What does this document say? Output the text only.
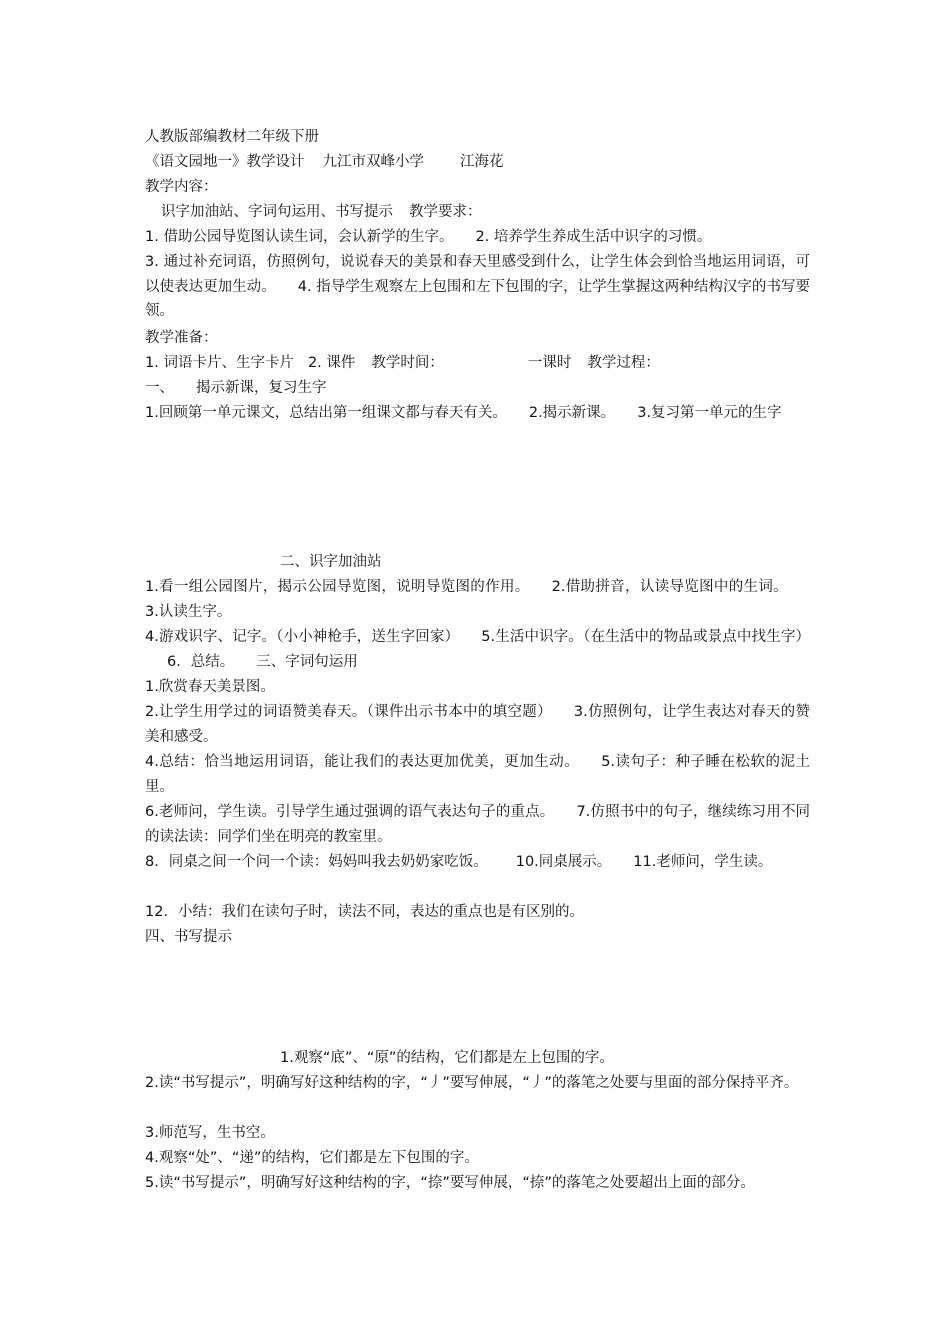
人教版部编教材二年级下册
《语文园地一》教学设计 九江市双峰小学 江海花
教学内容：
识字加油站、字词句运用、书写提示 教学要求：
1. 借助公园导览图认读生词，会认新学的生字。 2. 培养学生养成生活中识字的习惯。
3. 通过补充词语，仿照例句，说说春天的美景和春天里感受到什么，让学生体会到恰当地运用词语，可以使表达更加生动。 4. 指导学生观察左上包围和左下包围的字，让学生掌握这两种结构汉字的书写要领。
教学准备：
1. 词语卡片、生字卡片 2. 课件 教学时间：	一课时 教学过程：
一、 揭示新课，复习生字
1.回顾第一单元课文，总结出第一组课文都与春天有关。 2.揭示新课。 3.复习第一单元的生字
二、识字加油站
1.看一组公园图片，揭示公园导览图，说明导览图的作用。 2.借助拼音，认读导览图中的生词。3.认读生字。
4.游戏识字、记字。（小小神枪手，送生字回家） 5.生活中识字。（在生活中的物品或景点中找生字）6．总结。 三、字词句运用
1.欣赏春天美景图。
2.让学生用学过的词语赞美春天。（课件出示书本中的填空题） 3.仿照例句，让学生表达对春天的赞美和感受。
4.总结：恰当地运用词语，能让我们的表达更加优美，更加生动。 5.读句子：种子睡在松软的泥土里。
6.老师问，学生读。引导学生通过强调的语气表达句子的重点。 7.仿照书中的句子，继续练习用不同的读法读：同学们坐在明亮的教室里。
8．同桌之间一个问一个读：妈妈叫我去奶奶家吃饭。 10.同桌展示。 11.老师问，学生读。
12．小结：我们在读句子时，读法不同，表达的重点也是有区别的。
四、书写提示
1.观察“底”、“原”的结构，它们都是左上包围的字。
2.读“书写提示”，明确写好这种结构的字，“丿”要写伸展，“丿”的落笔之处要与里面的部分保持平齐。
3.师范写，生书空。
4.观察“处”、“递”的结构，它们都是左下包围的字。
5.读“书写提示”，明确写好这种结构的字，“捺”要写伸展，“捺”的落笔之处要超出上面的部分。
